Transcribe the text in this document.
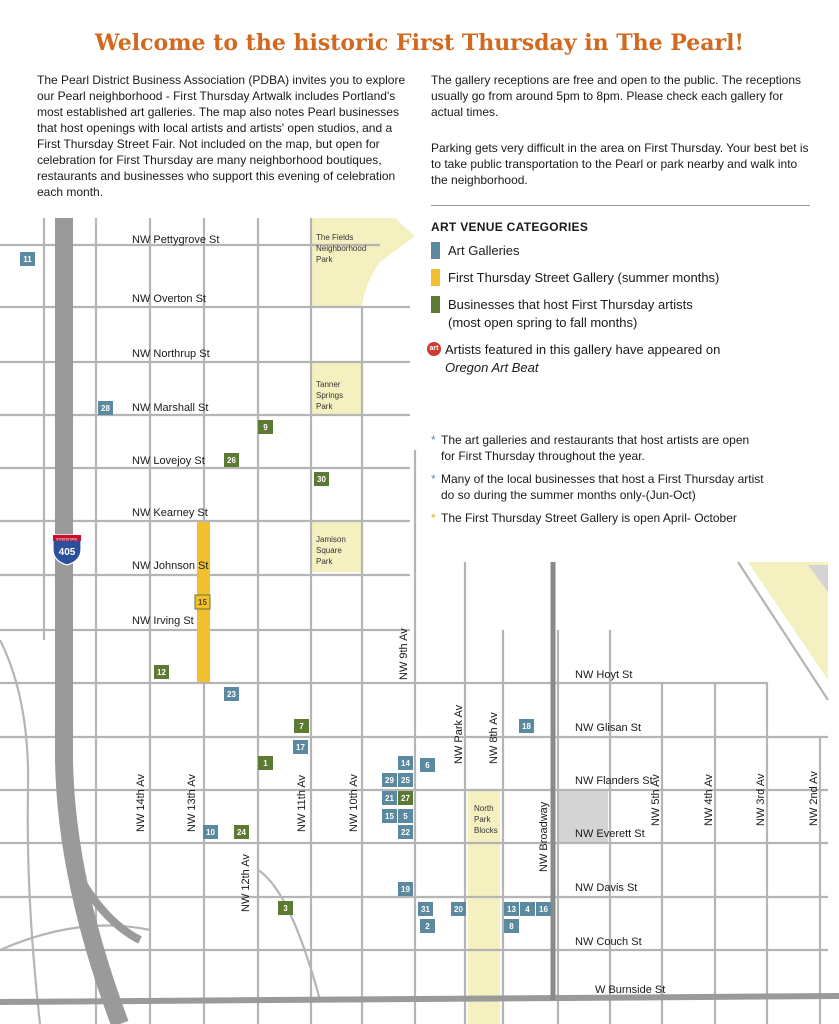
Welcome to the historic First Thursday in The Pearl!

The Pearl District Business Association (PDBA) invites you to explore our Pearl neighborhood - First Thursday Artwalk includes Portland's most established art galleries. The map also notes Pearl businesses that host openings with local artists and artists' open studios, and a First Thursday Street Fair. Not included on the map, but open for celebration for First Thursday are many neighborhood boutiques, restaurants and businesses who support this evening of celebration each month.

The gallery receptions are free and open to the public. The receptions usually go from around 5pm to 8pm. Please check each gallery for actual times.

Parking gets very difficult in the area on First Thursday. Your best bet is to take public transportation to the Pearl or park nearby and walk into the neighborhood.

INTERSTATE
405
NW Pettygrove St
NW Overton St
NW Northrup St
NW Marshall St
NW Lovejoy St
NW Kearney St
NW Johnson St
NW Irving St
NW Hoyt St
NW Glisan St
NW Flanders St
NW Everett St
NW Davis St
NW Couch St
W Burnside St
NW 14th Av	NW 13th Av
NW 12th Av
NW 11th Av	NW 10th Av
NW 9th Av
NW Park Av NW 8th Av
NW Broadway
NW 5th Av	NW 4th Av	NW 3rd Av	NW 2nd Av
The Fields
Neighborhood
Park
Tanner
Springs
Park
Jamison
Square
Park
North
Park
Blocks
11
28
23
17
14 6
29 25
21
15 5
22
10
19
31
2
20	13 4 16
8
18
9
26
30
12
7
1
27
24
3
15

ART VENUE CATEGORIES

Art Galleries
First Thursday Street Gallery (summer months)
Businesses that host First Thursday artists
(most open spring to fall months)
art Artists featured in this gallery have appeared on
Oregon Art Beat
* The art galleries and restaurants that host artists are open
for First Thursday throughout the year.
* Many of the local businesses that host a First Thursday artist
do so during the summer months only-(Jun-Oct)
* The First Thursday Street Gallery is open April- October
